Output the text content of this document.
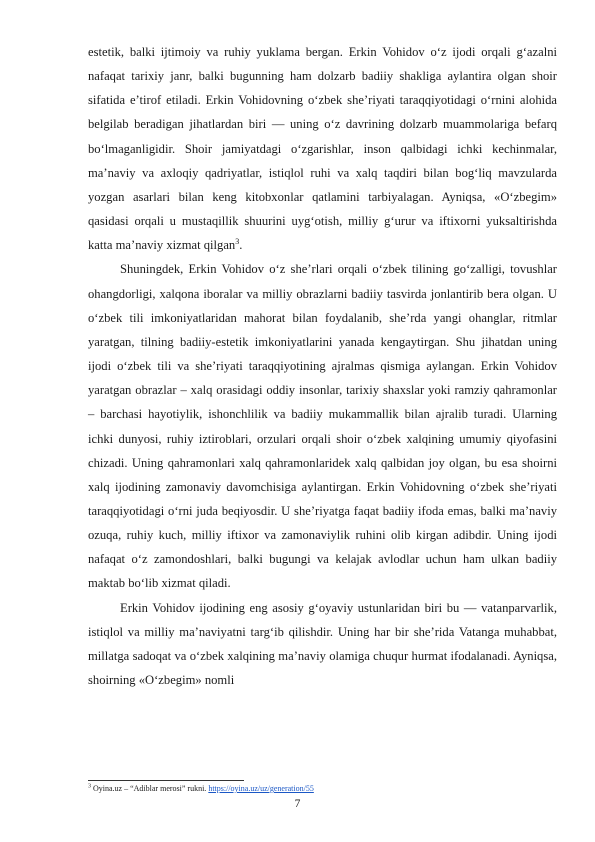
estetik, balki ijtimoiy va ruhiy yuklama bergan. Erkin Vohidov o‘z ijodi orqali g‘azalni nafaqat tarixiy janr, balki bugunning ham dolzarb badiiy shakliga aylantira olgan shoir sifatida e’tirof etiladi. Erkin Vohidovning o‘zbek she’riyati taraqqiyotidagi o‘rnini alohida belgilab beradigan jihatlardan biri — uning o‘z davrining dolzarb muammolariga befarq bo‘lmaganligidir. Shoir jamiyatdagi o‘zgarishlar, inson qalbidagi ichki kechinmalar, ma’naviy va axloqiy qadriyatlar, istiqlol ruhi va xalq taqdiri bilan bog‘liq mavzularda yozgan asarlari bilan keng kitobxonlar qatlamini tarbiyalagan. Ayniqsa, «O‘zbegim» qasidasi orqali u mustaqillik shuurini uyg‘otish, milliy g‘urur va iftixorni yuksaltirishda katta ma’naviy xizmat qilgan$^3$.

Shuningdek, Erkin Vohidov o‘z she’rlari orqali o‘zbek tilining go‘zalligi, tovushlar ohangdorligi, xalqona iboralar va milliy obrazlarni badiiy tasvirda jonlantirib bera olgan. U o‘zbek tili imkoniyatlaridan mahorat bilan foydalanib, she’rda yangi ohanglar, ritmlar yaratgan, tilning badiiy-estetik imkoniyatlarini yanada kengaytirgan. Shu jihatdan uning ijodi o‘zbek tili va she’riyati taraqqiyotining ajralmas qismiga aylangan. Erkin Vohidov yaratgan obrazlar – xalq orasidagi oddiy insonlar, tarixiy shaxslar yoki ramziy qahramonlar – barchasi hayotiylik, ishonchlilik va badiiy mukammallik bilan ajralib turadi. Ularning ichki dunyosi, ruhiy iztiroblari, orzulari orqali shoir o‘zbek xalqining umumiy qiyofasini chizadi. Uning qahramonlari xalq qahramonlaridek xalq qalbidan joy olgan, bu esa shoirni xalq ijodining zamonaviy davomchisiga aylantirgan. Erkin Vohidovning o‘zbek she’riyati taraqqiyotidagi o‘rni juda beqiyosdir. U she’riyatga faqat badiiy ifoda emas, balki ma’naviy ozuqa, ruhiy kuch, milliy iftixor va zamonaviylik ruhini olib kirgan adibdir. Uning ijodi nafaqat o‘z zamondoshlari, balki bugungi va kelajak avlodlar uchun ham ulkan badiiy maktab bo‘lib xizmat qiladi.

Erkin Vohidov ijodining eng asosiy g‘oyaviy ustunlaridan biri bu — vatanparvarlik, istiqlol va milliy ma’naviyatni targ‘ib qilishdir. Uning har bir she’rida Vatanga muhabbat, millatga sadoqat va o‘zbek xalqining ma’naviy olamiga chuqur hurmat ifodalanadi. Ayniqsa, shoirning «O‘zbegim» nomli

$^3$ Oyina.uz – “Adiblar merosi” rukni. https://oyina.uz/uz/generation/55
7
